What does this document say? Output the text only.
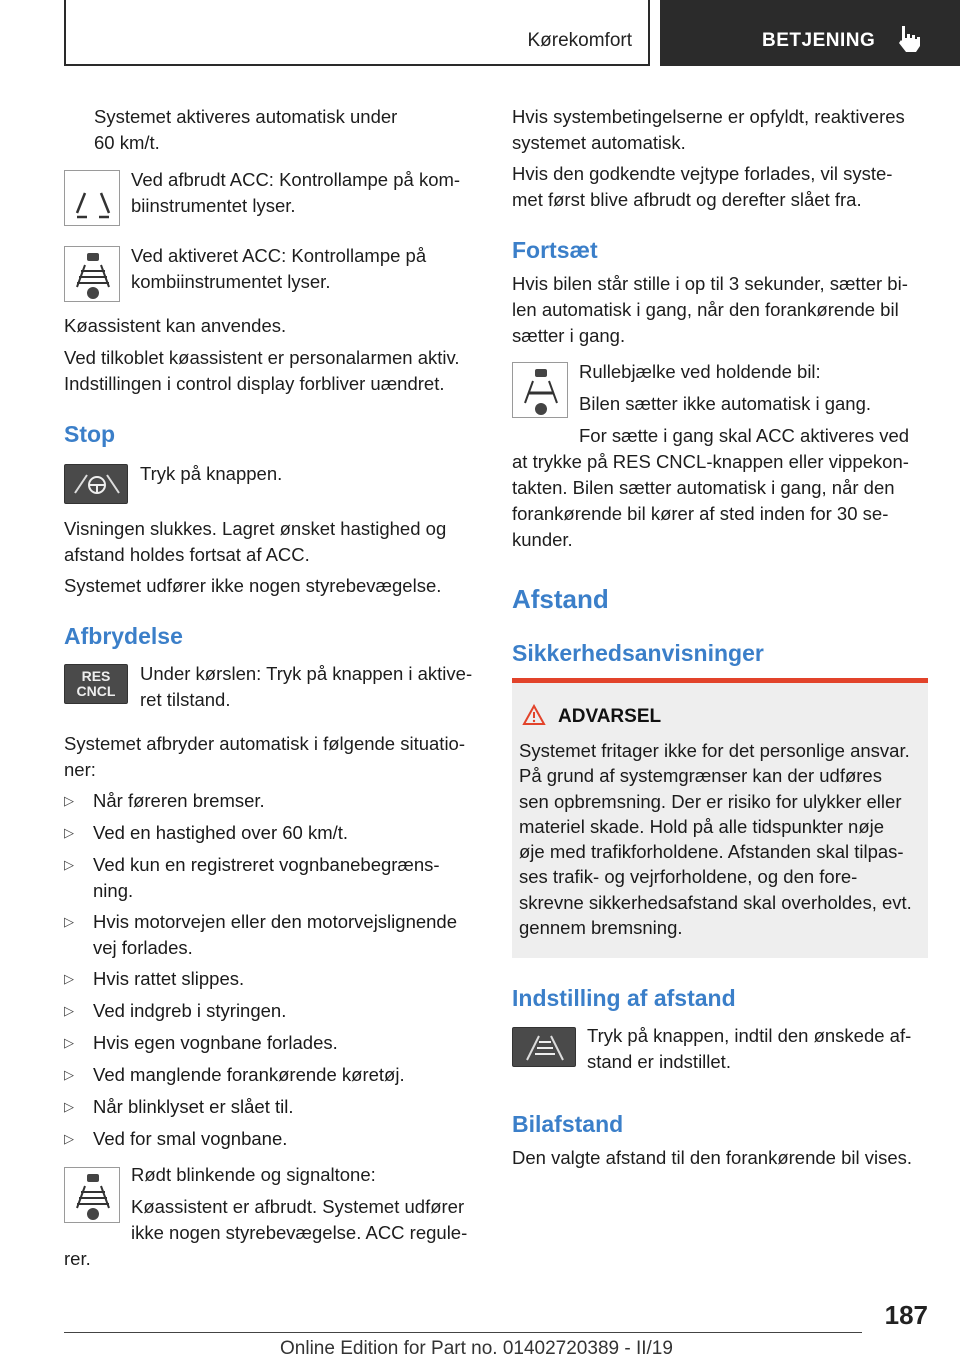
Kørekomfort	BETJENING

Systemet aktiveres automatisk under

60 km/t.

Ved afbrudt ACC: Kontrollampe på kom-

biinstrumentet lyser.

Ved aktiveret ACC: Kontrollampe på

kombiinstrumentet lyser.

Køassistent kan anvendes.

Ved tilkoblet køassistent er personalarmen aktiv.

Indstillingen i control display forbliver uændret.

Stop

Tryk på knappen.

Visningen slukkes. Lagret ønsket hastighed og

afstand holdes fortsat af ACC.

Systemet udfører ikke nogen styrebevægelse.

Afbrydelse
RES
CNCL

Under kørslen: Tryk på knappen i aktive-

ret tilstand.

Systemet afbryder automatisk i følgende situatio-

ner:

▷ Når føreren bremser.
▷ Ved en hastighed over 60 km/t.
▷ Ved kun en registreret vognbanebegræns-
ning.
▷ Hvis motorvejen eller den motorvejslignende
vej forlades.
▷ Hvis rattet slippes.
▷ Ved indgreb i styringen.
▷ Hvis egen vognbane forlades.
▷ Ved manglende forankørende køretøj.
▷ Når blinklyset er slået til.
▷ Ved for smal vognbane.

Rødt blinkende og signaltone:

Køassistent er afbrudt. Systemet udfører

ikke nogen styrebevægelse. ACC regule-

rer.

Hvis systembetingelserne er opfyldt, reaktiveres

systemet automatisk.

Hvis den godkendte vejtype forlades, vil syste-

met først blive afbrudt og derefter slået fra.

Fortsæt

Hvis bilen står stille i op til 3 sekunder, sætter bi-

len automatisk i gang, når den forankørende bil

sætter i gang.

Rullebjælke ved holdende bil:

Bilen sætter ikke automatisk i gang.

For sætte i gang skal ACC aktiveres ved

at trykke på RES CNCL-knappen eller vippekon-

takten. Bilen sætter automatisk i gang, når den

forankørende bil kører af sted inden for 30 se-

kunder.

Afstand
Sikkerhedsanvisninger
ADVARSEL
Systemet fritager ikke for det personlige ansvar.
På grund af systemgrænser kan der udføres
sen opbremsning. Der er risiko for ulykker eller
materiel skade. Hold på alle tidspunkter nøje
øje med trafikforholdene. Afstanden skal tilpas-
ses trafik- og vejrforholdene, og den fore-
skrevne sikkerhedsafstand skal overholdes, evt.
gennem bremsning.
Indstilling af afstand

Tryk på knappen, indtil den ønskede af-

stand er indstillet.

Bilafstand

Den valgte afstand til den forankørende bil vises.

187
Online Edition for Part no. 01402720389 - II/19
